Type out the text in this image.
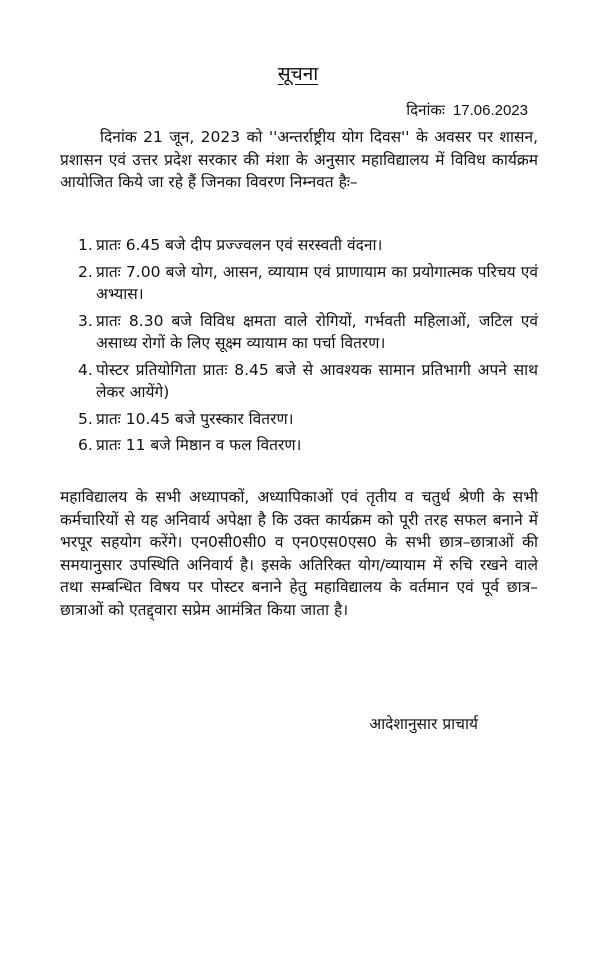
सूचना
दिनांकः 17.06.2023

दिनांक 21 जून, 2023 को ''अन्तर्राष्ट्रीय योग दिवस'' के अवसर पर शासन, प्रशासन एवं उत्तर प्रदेश सरकार की मंशा के अनुसार महाविद्यालय में विविध कार्यक्रम आयोजित किये जा रहे हैं जिनका विवरण निम्नवत हैः–

1. प्रातः 6.45 बजे दीप प्रज्ज्वलन एवं सरस्वती वंदना।
2. प्रातः 7.00 बजे योग, आसन, व्यायाम एवं प्राणायाम का प्रयोगात्मक परिचय एवं अभ्यास।
3. प्रातः 8.30 बजे विविध क्षमता वाले रोगियों, गर्भवती महिलाओं, जटिल एवं असाध्य रोगों के लिए सूक्ष्म व्यायाम का पर्चा वितरण।
4. पोस्टर प्रतियोगिता प्रातः 8.45 बजे से आवश्यक सामान प्रतिभागी अपने साथ लेकर आयेंगे)
5. प्रातः 10.45 बजे पुरस्कार वितरण।
6. प्रातः 11 बजे मिष्ठान व फल वितरण।

महाविद्यालय के सभी अध्यापकों, अध्यापिकाओं एवं तृतीय व चतुर्थ श्रेणी के सभी कर्मचारियों से यह अनिवार्य अपेक्षा है कि उक्त कार्यक्रम को पूरी तरह सफल बनाने में भरपूर सहयोग करेंगे। एन0सी0सी0 व एन0एस0एस0 के सभी छात्र–छात्राओं की समयानुसार उपस्थिति अनिवार्य है। इसके अतिरिक्त योग/व्यायाम में रुचि रखने वाले तथा सम्बन्धित विषय पर पोस्टर बनाने हेतु महाविद्यालय के वर्तमान एवं पूर्व छात्र–छात्राओं को एतद्द्वारा सप्रेम आमंत्रित किया जाता है।

आदेशानुसार प्राचार्य
